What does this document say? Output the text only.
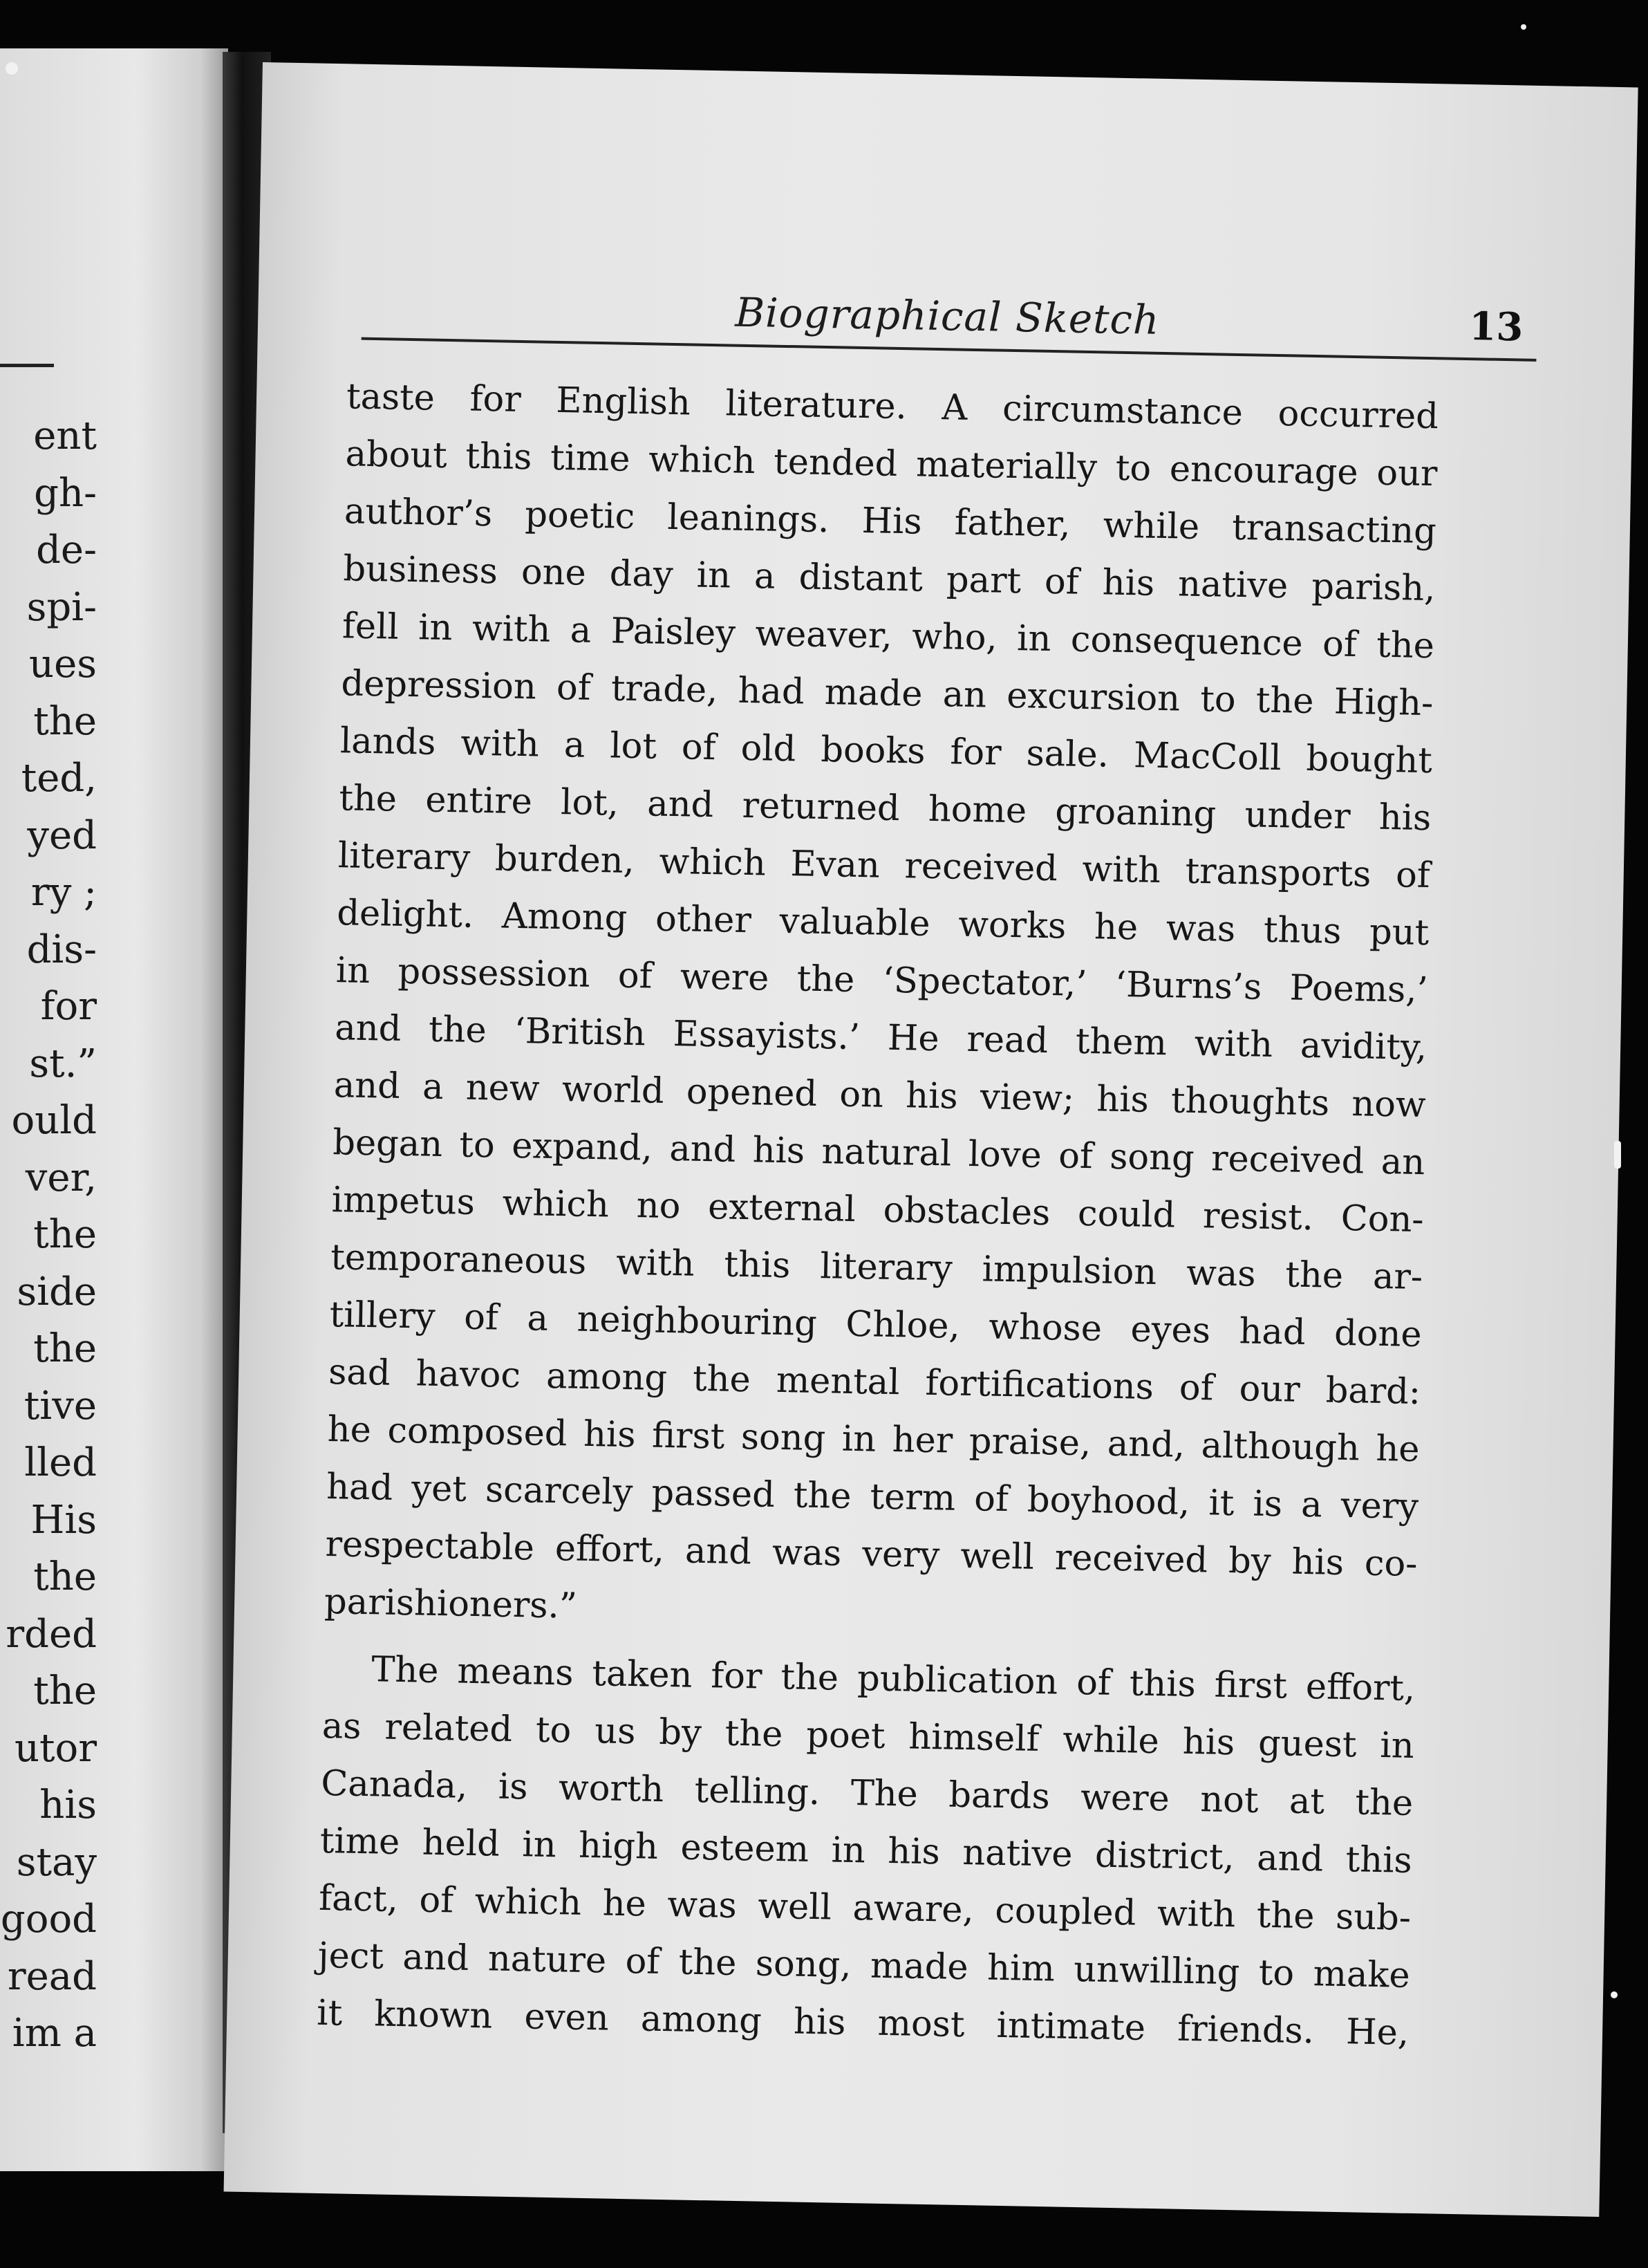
ent
gh-
de-
spi-
ues
the
ted,
yed
ry ;
dis-
for
st.”
ould
ver,
the
side
the
tive
lled
His
the
rded
the
utor
his
stay
good
read
im a
Biographical Sketch	13
taste for English literature. A circumstance occurred
about this time which tended materially to encourage our
author’s poetic leanings. His father, while transacting
business one day in a distant part of his native parish,
fell in with a Paisley weaver, who, in consequence of the
depression of trade, had made an excursion to the High-
lands with a lot of old books for sale. MacColl bought
the entire lot, and returned home groaning under his
literary burden, which Evan received with transports of
delight. Among other valuable works he was thus put
in possession of were the ‘Spectator,’ ‘Burns’s Poems,’
and the ‘British Essayists.’ He read them with avidity,
and a new world opened on his view; his thoughts now
began to expand, and his natural love of song received an
impetus which no external obstacles could resist. Con-
temporaneous with this literary impulsion was the ar-
tillery of a neighbouring Chloe, whose eyes had done
sad havoc among the mental fortifications of our bard:
he composed his first song in her praise, and, although he
had yet scarcely passed the term of boyhood, it is a very
respectable effort, and was very well received by his co-
parishioners.”
The means taken for the publication of this first effort,
as related to us by the poet himself while his guest in
Canada, is worth telling. The bards were not at the
time held in high esteem in his native district, and this
fact, of which he was well aware, coupled with the sub-
ject and nature of the song, made him unwilling to make
it known even among his most intimate friends. He,
